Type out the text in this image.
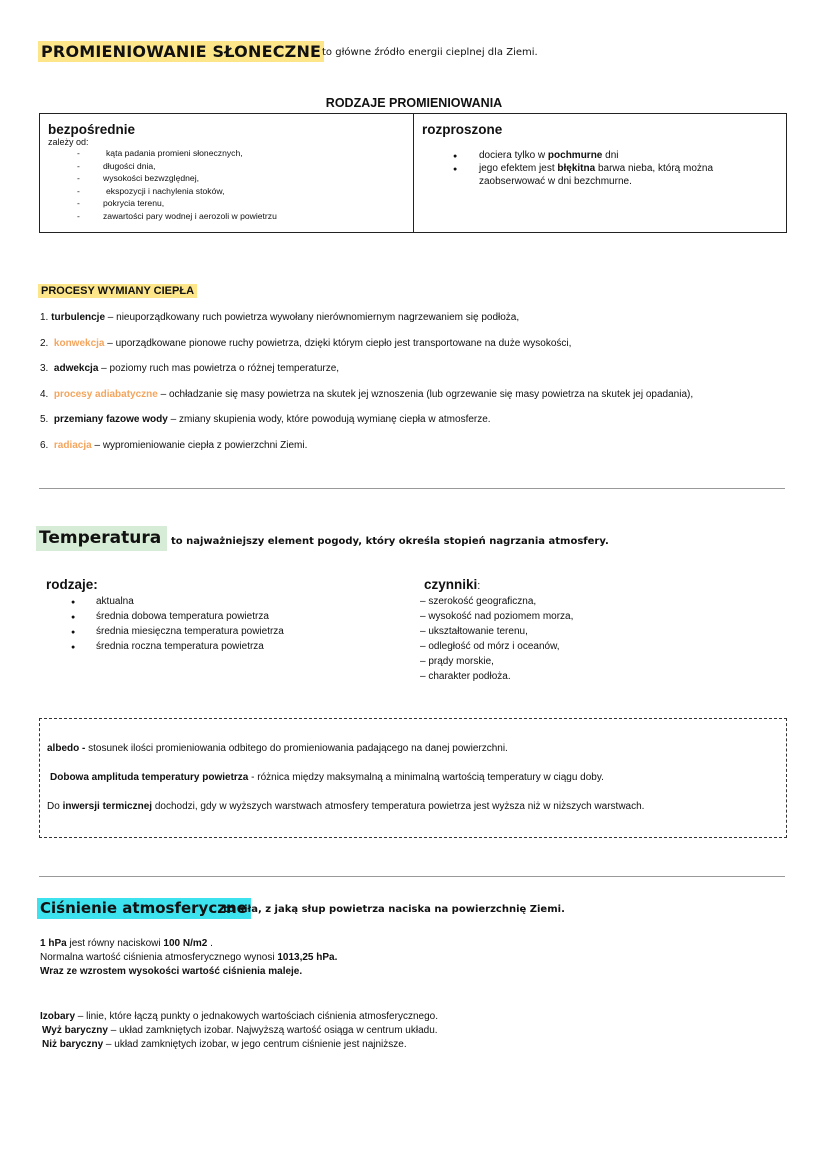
PROMIENIOWANIE SŁONECZNE to główne źródło energii cieplnej dla Ziemi.
RODZAJE PROMIENIOWANIA
bezpośrednie
zależy od:
- kąta padania promieni słonecznych,
- długości dnia,
- wysokości bezwzględnej,
- ekspozycji i nachylenia stoków,
- pokrycia terenu,
- zawartości pary wodnej i aerozoli w powietrzu
rozproszone
● dociera tylko w pochmurne dni
● jego efektem jest błękitna barwa nieba, którą można zaobserwować w dni bezchmurne.
PROCESY WYMIANY CIEPŁA
1. turbulencje – nieuporządkowany ruch powietrza wywołany nierównomiernym nagrzewaniem się podłoża,
2. konwekcja – uporządkowane pionowe ruchy powietrza, dzięki którym ciepło jest transportowane na duże wysokości,
3. adwekcja – poziomy ruch mas powietrza o różnej temperaturze,
4. procesy adiabatyczne – ochładzanie się masy powietrza na skutek jej wznoszenia (lub ogrzewanie się masy powietrza na skutek jej opadania),
5. przemiany fazowe wody – zmiany skupienia wody, które powodują wymianę ciepła w atmosferze.
6. radiacja – wypromieniowanie ciepła z powierzchni Ziemi.
Temperatura to najważniejszy element pogody, który określa stopień nagrzania atmosfery.
rodzaje:
● aktualna
● średnia dobowa temperatura powietrza
● średnia miesięczna temperatura powietrza
● średnia roczna temperatura powietrza
czynniki:
– szerokość geograficzna,
– wysokość nad poziomem morza,
– ukształtowanie terenu,
– odległość od mórz i oceanów,
– prądy morskie,
– charakter podłoża.
albedo - stosunek ilości promieniowania odbitego do promieniowania padającego na danej powierzchni.
Dobowa amplituda temperatury powietrza - różnica między maksymalną a minimalną wartością temperatury w ciągu doby.
Do inwersji termicznej dochodzi, gdy w wyższych warstwach atmosfery temperatura powietrza jest wyższa niż w niższych warstwach.
Ciśnienie atmosferyczne
to siła, z jaką słup powietrza naciska na powierzchnię Ziemi.
1 hPa jest równy naciskowi 100 N/m2 .
Normalna wartość ciśnienia atmosferycznego wynosi 1013,25 hPa.
Wraz ze wzrostem wysokości wartość ciśnienia maleje.
Izobary – linie, które łączą punkty o jednakowych wartościach ciśnienia atmosferycznego.
Wyż baryczny – układ zamkniętych izobar. Najwyższą wartość osiąga w centrum układu.
Niż baryczny – układ zamkniętych izobar, w jego centrum ciśnienie jest najniższe.
